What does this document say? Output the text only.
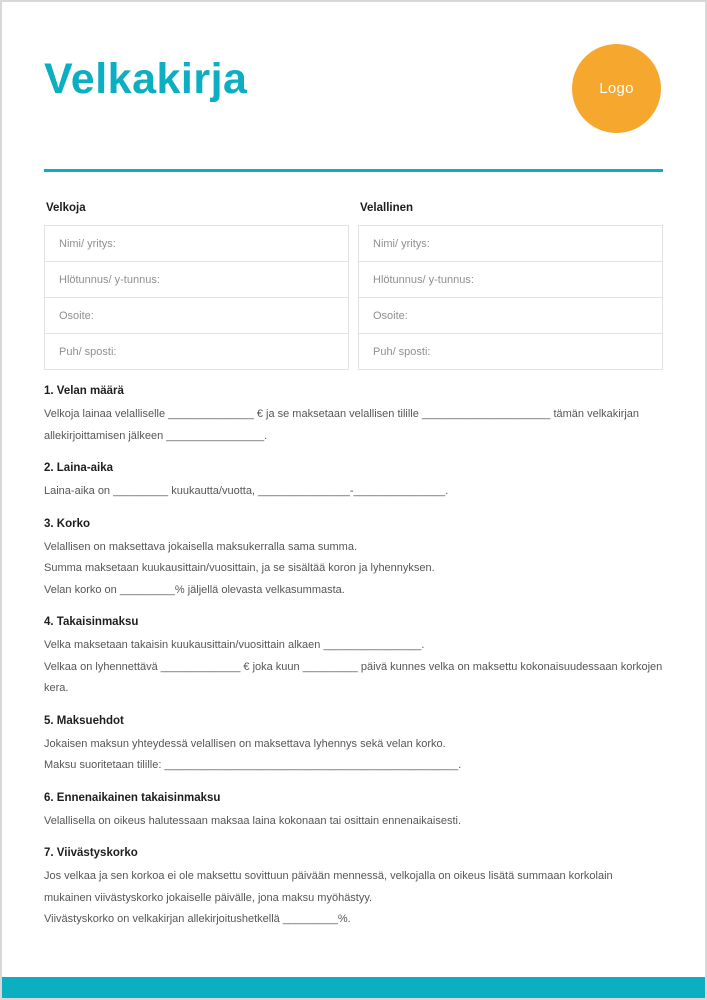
Velkakirja	Logo
Velkoja
Nimi/ yritys:
Hlötunnus/ y-tunnus:
Osoite:
Puh/ sposti:
Velallinen
Nimi/ yritys:
Hlötunnus/ y-tunnus:
Osoite:
Puh/ sposti:
1. Velan määrä

Velkoja lainaa velalliselle ______________ € ja se maksetaan velallisen tilille _____________________ tämän velkakirjan allekirjoittamisen jälkeen ________________.

2. Laina-aika

Laina-aika on _________ kuukautta/vuotta, _______________-_______________.

3. Korko

Velallisen on maksettava jokaisella maksukerralla sama summa.

Summa maksetaan kuukausittain/vuosittain, ja se sisältää koron ja lyhennyksen.

Velan korko on _________% jäljellä olevasta velkasummasta.

4. Takaisinmaksu

Velka maksetaan takaisin kuukausittain/vuosittain alkaen ________________.

Velkaa on lyhennettävä _____________ € joka kuun _________ päivä kunnes velka on maksettu kokonaisuudessaan korkojen kera.

5. Maksuehdot

Jokaisen maksun yhteydessä velallisen on maksettava lyhennys sekä velan korko.

Maksu suoritetaan tilille: ________________________________________________.

6. Ennenaikainen takaisinmaksu

Velallisella on oikeus halutessaan maksaa laina kokonaan tai osittain ennenaikaisesti.

7. Viivästyskorko

Jos velkaa ja sen korkoa ei ole maksettu sovittuun päivään mennessä, velkojalla on oikeus lisätä summaan korkolain mukainen viivästyskorko jokaiselle päivälle, jona maksu myöhästyy.

Viivästyskorko on velkakirjan allekirjoitushetkellä _________%.
